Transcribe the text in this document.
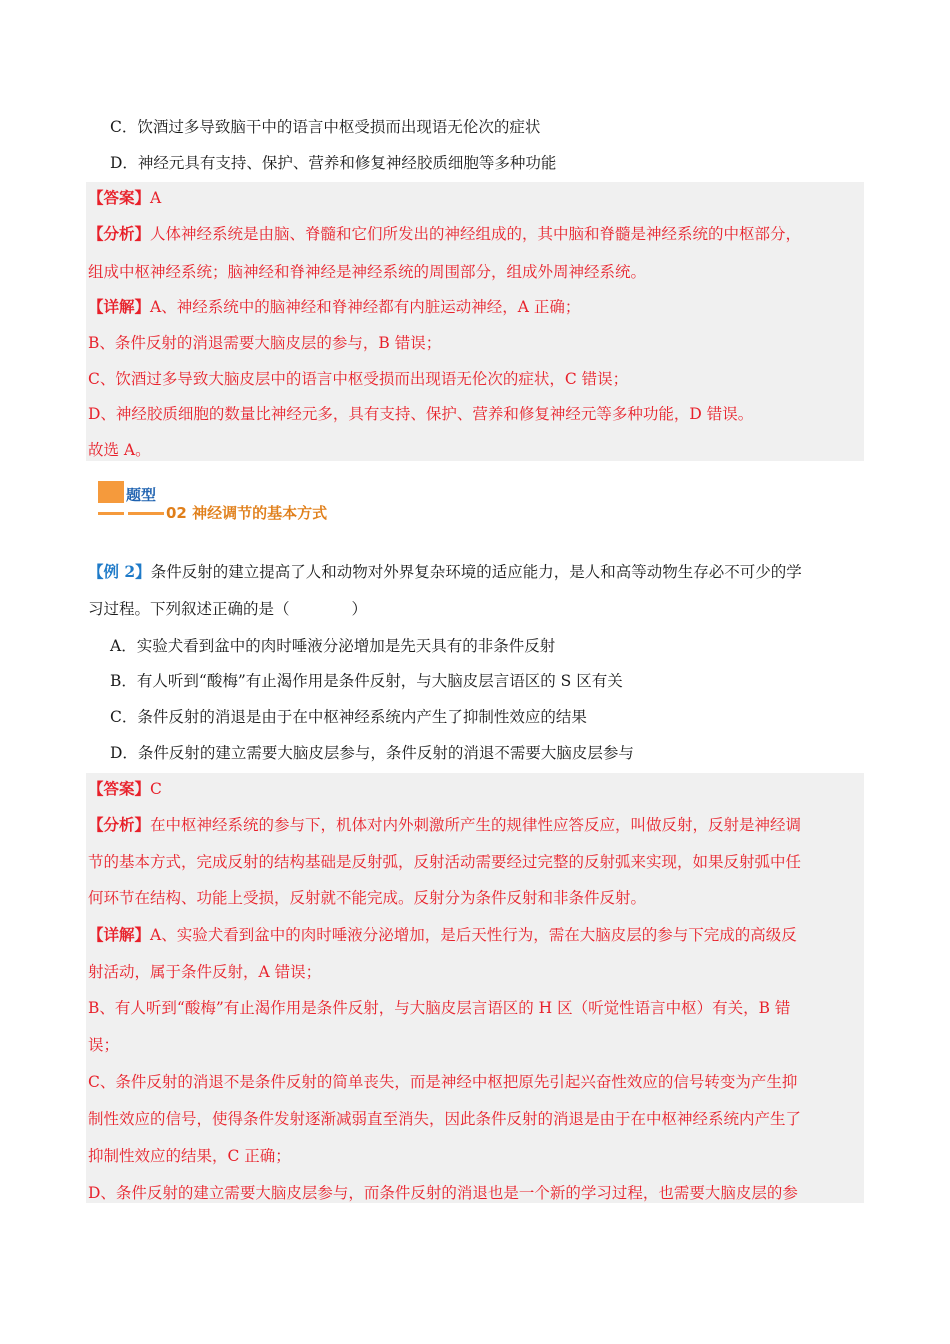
C．饮酒过多导致脑干中的语言中枢受损而出现语无伦次的症状
D．神经元具有支持、保护、营养和修复神经胶质细胞等多种功能
【答案】A
【分析】人体神经系统是由脑、脊髓和它们所发出的神经组成的，其中脑和脊髓是神经系统的中枢部分，
组成中枢神经系统；脑神经和脊神经是神经系统的周围部分，组成外周神经系统。
【详解】A、神经系统中的脑神经和脊神经都有内脏运动神经，A 正确；
B、条件反射的消退需要大脑皮层的参与，B 错误；
C、饮酒过多导致大脑皮层中的语言中枢受损而出现语无伦次的症状，C 错误；
D、神经胶质细胞的数量比神经元多，具有支持、保护、营养和修复神经元等多种功能，D 错误。
故选 A。
题型
02 神经调节的基本方式
【例 2】条件反射的建立提高了人和动物对外界复杂环境的适应能力，是人和高等动物生存必不可少的学
习过程。下列叙述正确的是（　　　　）
A．实验犬看到盆中的肉时唾液分泌增加是先天具有的非条件反射
B．有人听到“酸梅”有止渴作用是条件反射，与大脑皮层言语区的 S 区有关
C．条件反射的消退是由于在中枢神经系统内产生了抑制性效应的结果
D．条件反射的建立需要大脑皮层参与，条件反射的消退不需要大脑皮层参与
【答案】C
【分析】在中枢神经系统的参与下，机体对内外刺激所产生的规律性应答反应，叫做反射，反射是神经调
节的基本方式，完成反射的结构基础是反射弧，反射活动需要经过完整的反射弧来实现，如果反射弧中任
何环节在结构、功能上受损，反射就不能完成。反射分为条件反射和非条件反射。
【详解】A、实验犬看到盆中的肉时唾液分泌增加，是后天性行为，需在大脑皮层的参与下完成的高级反
射活动，属于条件反射，A 错误；
B、有人听到“酸梅”有止渴作用是条件反射，与大脑皮层言语区的 H 区（听觉性语言中枢）有关，B 错
误；
C、条件反射的消退不是条件反射的简单丧失，而是神经中枢把原先引起兴奋性效应的信号转变为产生抑
制性效应的信号，使得条件发射逐渐减弱直至消失，因此条件反射的消退是由于在中枢神经系统内产生了
抑制性效应的结果，C 正确；
D、条件反射的建立需要大脑皮层参与，而条件反射的消退也是一个新的学习过程，也需要大脑皮层的参
